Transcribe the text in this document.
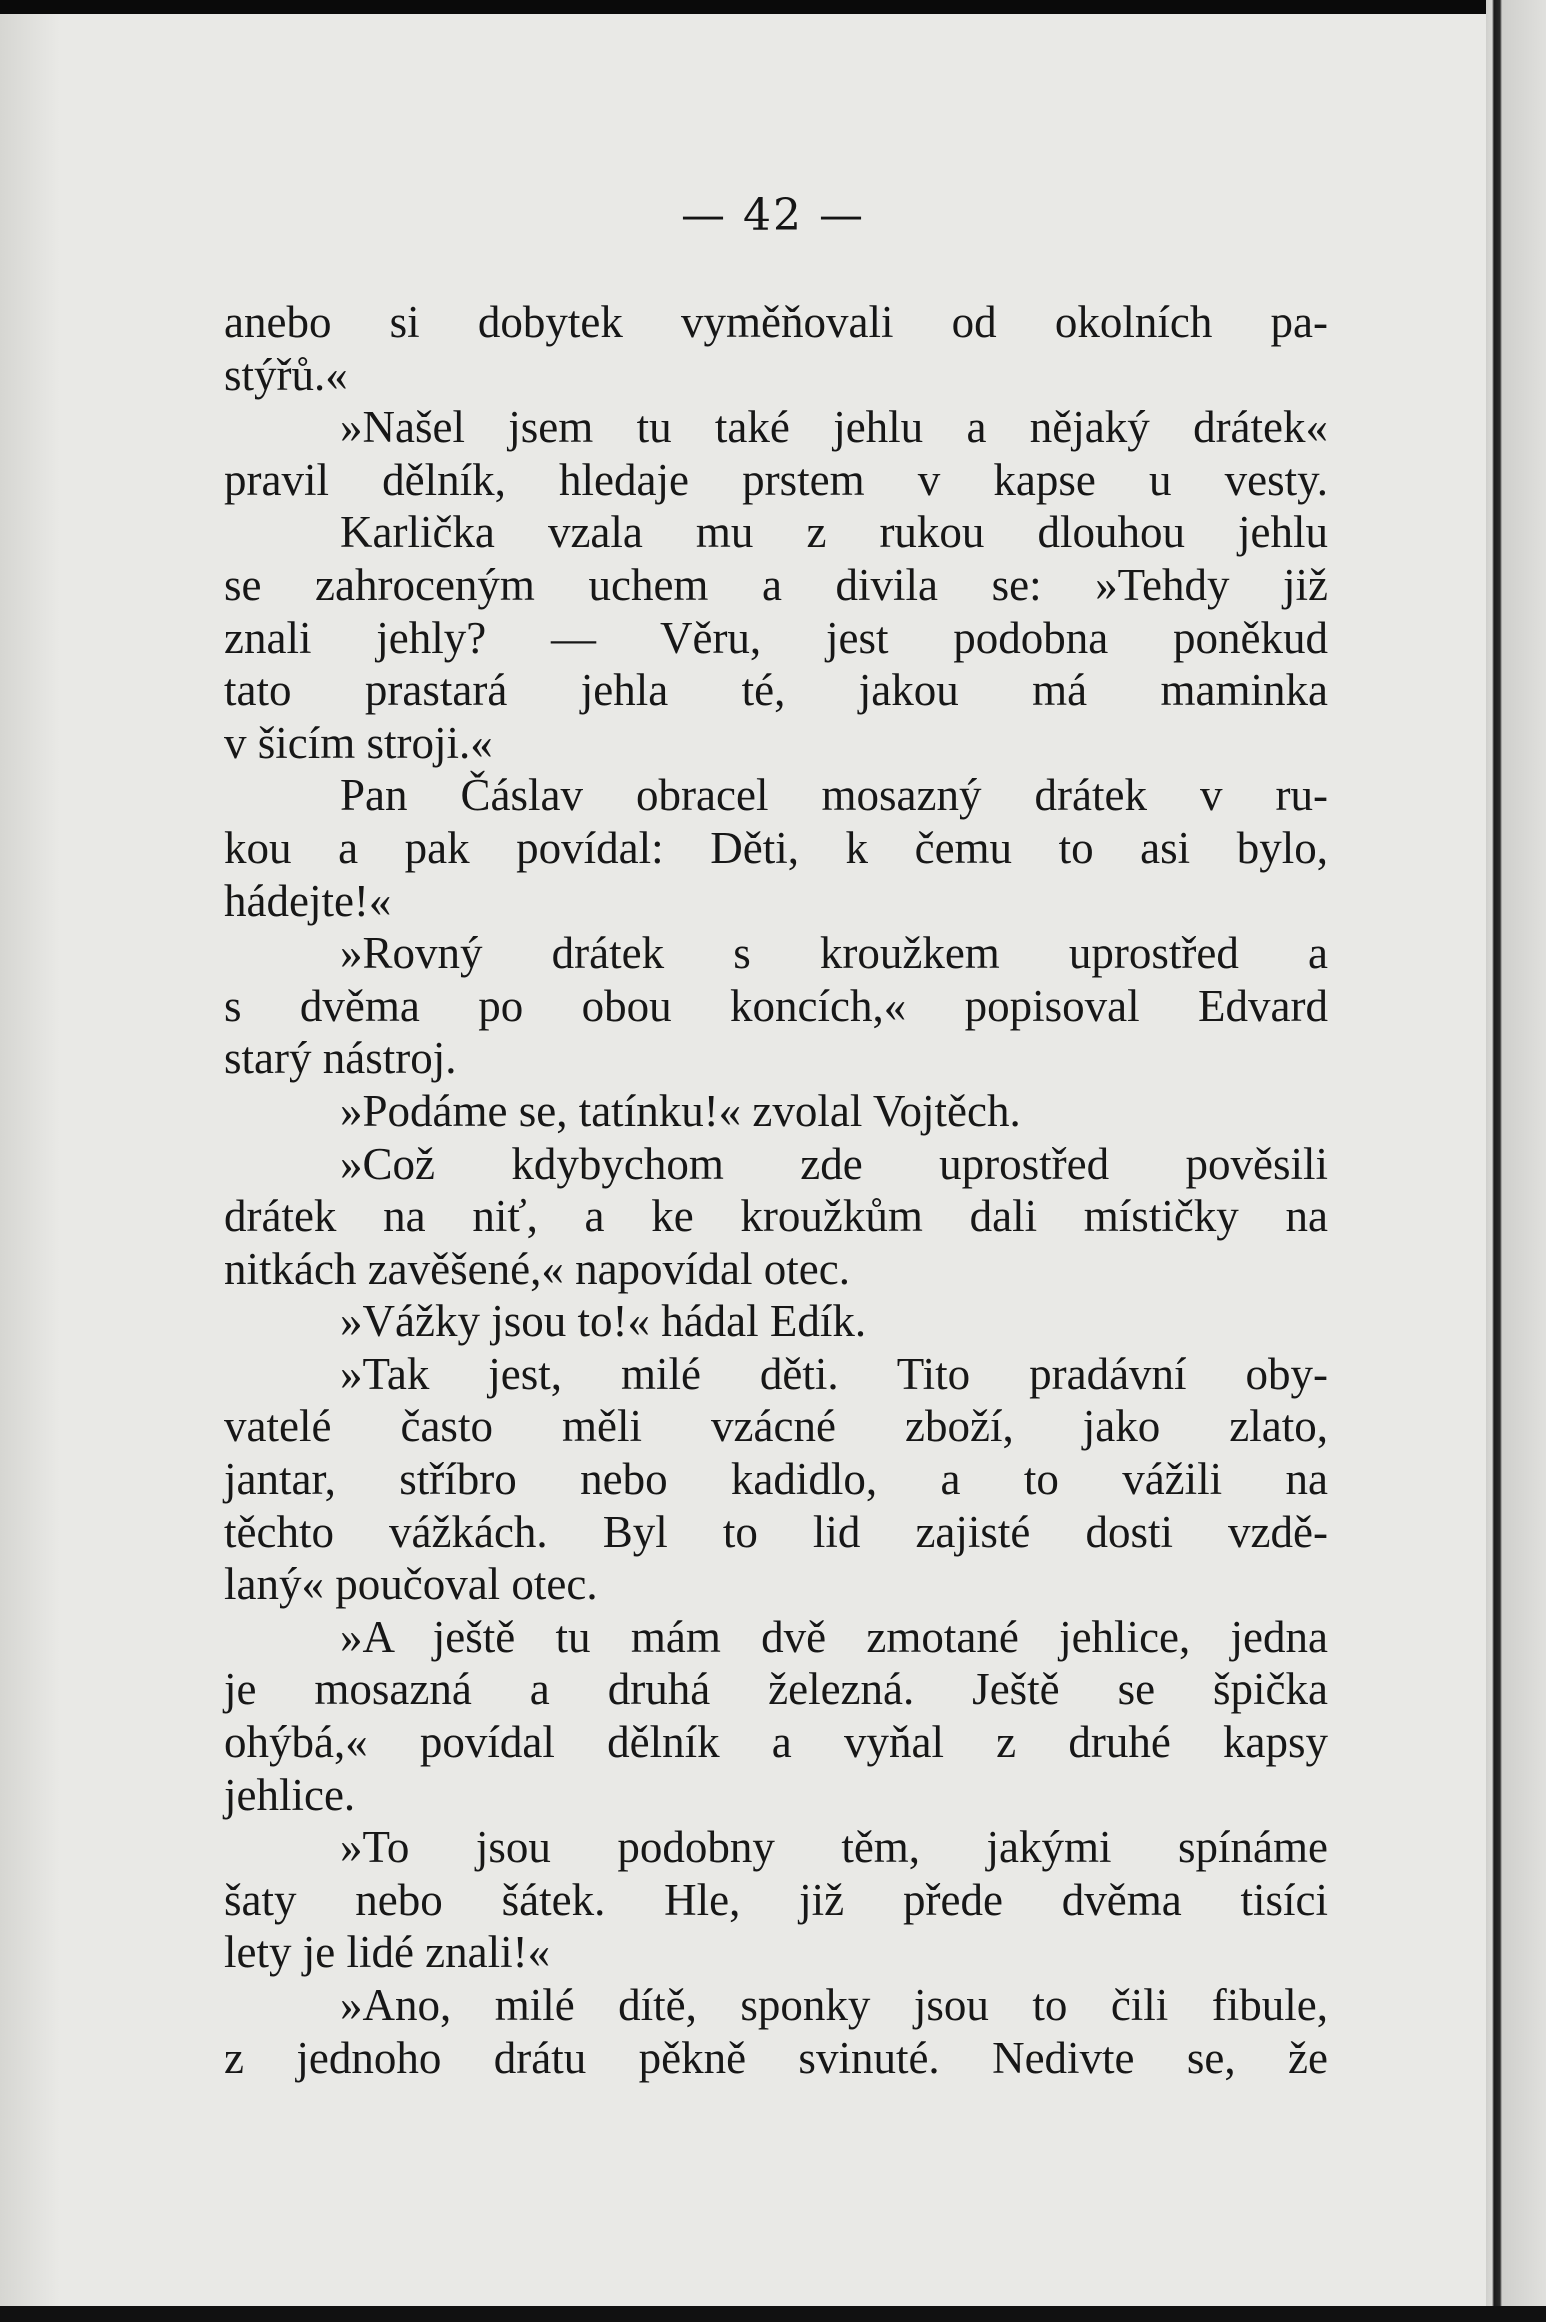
— 42 —
anebo si dobytek vyměňovali od okolních pa-
stýřů.«
»Našel jsem tu také jehlu a nějaký drátek«
pravil dělník, hledaje prstem v kapse u vesty.
Karlička vzala mu z rukou dlouhou jehlu
se zahroceným uchem a divila se: »Tehdy již
znali jehly? — Věru, jest podobna poněkud
tato prastará jehla té, jakou má maminka
v šicím stroji.«
Pan Čáslav obracel mosazný drátek v ru-
kou a pak povídal: Děti, k čemu to asi bylo,
hádejte!«
»Rovný drátek s kroužkem uprostřed a
s dvěma po obou koncích,« popisoval Edvard
starý nástroj.
»Podáme se, tatínku!« zvolal Vojtěch.
»Což kdybychom zde uprostřed pověsili
drátek na niť, a ke kroužkům dali místičky na
nitkách zavěšené,« napovídal otec.
»Vážky jsou to!« hádal Edík.
»Tak jest, milé děti. Tito pradávní oby-
vatelé často měli vzácné zboží, jako zlato,
jantar, stříbro nebo kadidlo, a to vážili na
těchto vážkách. Byl to lid zajisté dosti vzdě-
laný« poučoval otec.
»A ještě tu mám dvě zmotané jehlice, jedna
je mosazná a druhá železná. Ještě se špička
ohýbá,« povídal dělník a vyňal z druhé kapsy
jehlice.
»To jsou podobny těm, jakými spínáme
šaty nebo šátek. Hle, již přede dvěma tisíci
lety je lidé znali!«
»Ano, milé dítě, sponky jsou to čili fibule,
z jednoho drátu pěkně svinuté. Nedivte se, že
